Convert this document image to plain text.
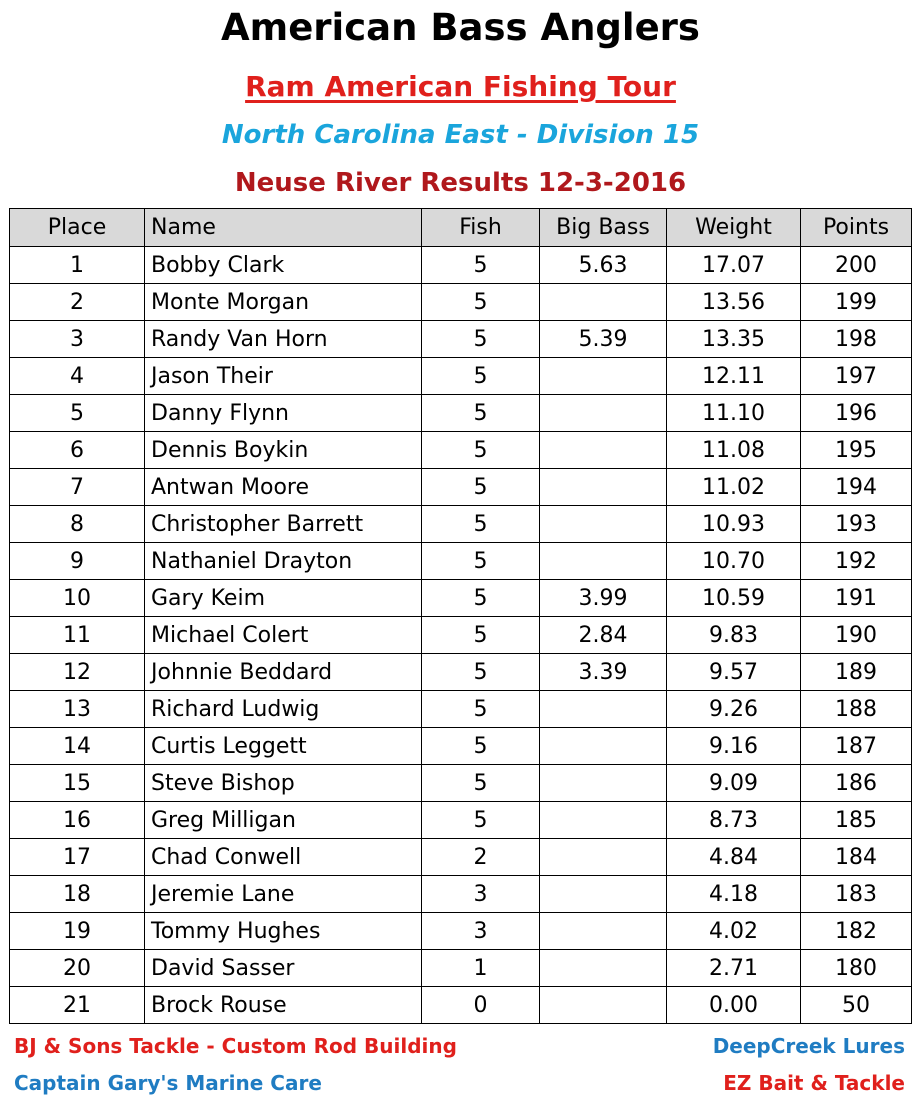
American Bass Anglers
Ram American Fishing Tour
North Carolina East - Division 15
Neuse River Results 12-3-2016
Place	Name	Fish	Big Bass	Weight	Points
1	Bobby Clark	5	5.63	17.07	200
2	Monte Morgan	5		13.56	199
3	Randy Van Horn	5	5.39	13.35	198
4	Jason Their	5		12.11	197
5	Danny Flynn	5		11.10	196
6	Dennis Boykin	5		11.08	195
7	Antwan Moore	5		11.02	194
8	Christopher Barrett	5		10.93	193
9	Nathaniel Drayton	5		10.70	192
10	Gary Keim	5	3.99	10.59	191
11	Michael Colert	5	2.84	9.83	190
12	Johnnie Beddard	5	3.39	9.57	189
13	Richard Ludwig	5		9.26	188
14	Curtis Leggett	5		9.16	187
15	Steve Bishop	5		9.09	186
16	Greg Milligan	5		8.73	185
17	Chad Conwell	2		4.84	184
18	Jeremie Lane	3		4.18	183
19	Tommy Hughes	3		4.02	182
20	David Sasser	1		2.71	180
21	Brock Rouse	0		0.00	50
BJ & Sons Tackle - Custom Rod Building
Captain Gary's Marine Care
DeepCreek Lures
EZ Bait & Tackle
